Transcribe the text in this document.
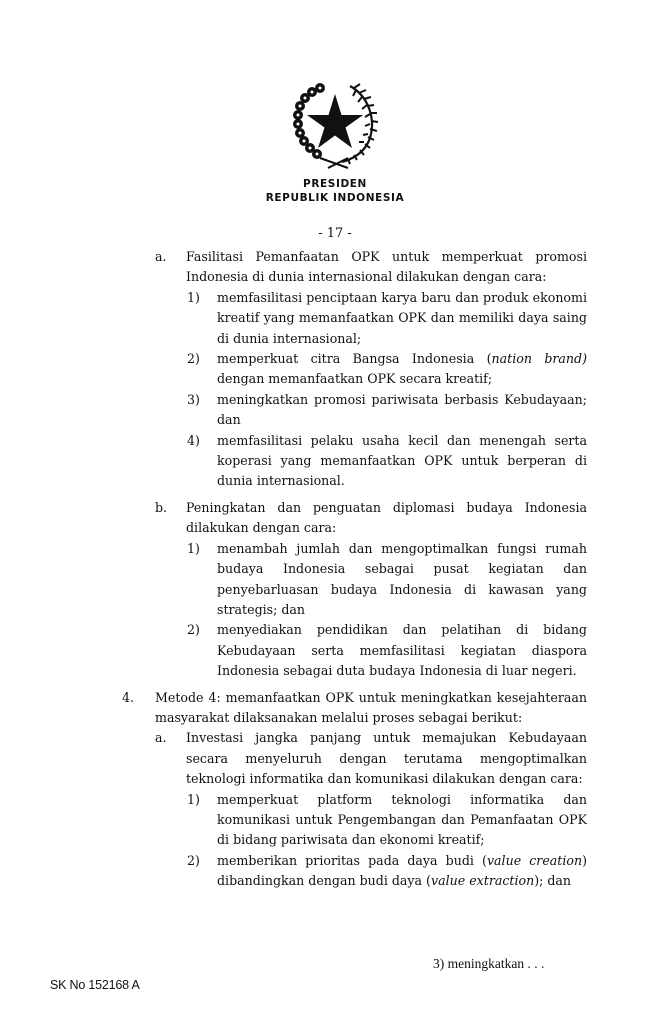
PRESIDEN
REPUBLIK INDONESIA
- 17 -
a. Fasilitasi Pemanfaatan OPK untuk memperkuat promosi Indonesia di dunia internasional dilakukan dengan cara:
1) memfasilitasi penciptaan karya baru dan produk ekonomi kreatif yang memanfaatkan OPK dan memiliki daya saing di dunia internasional;
2) memperkuat citra Bangsa Indonesia (nation brand) dengan memanfaatkan OPK secara kreatif;
3) meningkatkan promosi pariwisata berbasis Kebudayaan; dan
4) memfasilitasi pelaku usaha kecil dan menengah serta koperasi yang memanfaatkan OPK untuk berperan di dunia internasional.
b. Peningkatan dan penguatan diplomasi budaya Indonesia dilakukan dengan cara:
1) menambah jumlah dan mengoptimalkan fungsi rumah budaya Indonesia sebagai pusat kegiatan dan penyebarluasan budaya Indonesia di kawasan yang strategis; dan
2) menyediakan pendidikan dan pelatihan di bidang Kebudayaan serta memfasilitasi kegiatan diaspora Indonesia sebagai duta budaya Indonesia di luar negeri.
4. Metode 4: memanfaatkan OPK untuk meningkatkan kesejahteraan masyarakat dilaksanakan melalui proses sebagai berikut:
a. Investasi jangka panjang untuk memajukan Kebudayaan secara menyeluruh dengan terutama mengoptimalkan teknologi informatika dan komunikasi dilakukan dengan cara:
1) memperkuat platform teknologi informatika dan komunikasi untuk Pengembangan dan Pemanfaatan OPK di bidang pariwisata dan ekonomi kreatif;
2) memberikan prioritas pada daya budi (value creation) dibandingkan dengan budi daya (value extraction); dan
3) meningkatkan . . .
SK No 152168 A
